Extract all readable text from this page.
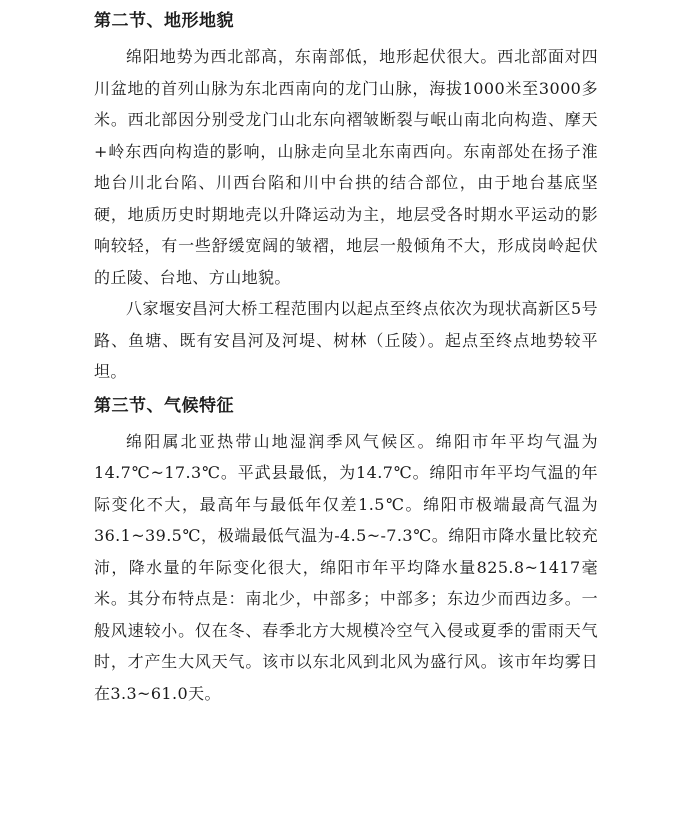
第二节、地形地貌

绵阳地势为西北部高，东南部低，地形起伏很大。西北部面对四川盆地的首列山脉为东北西南向的龙门山脉，海拔1000米至3000多米。西北部因分别受龙门山北东向褶皱断裂与岷山南北向构造、摩天+岭东西向构造的影响，山脉走向呈北东南西向。东南部处在扬子淮地台川北台陷、川西台陷和川中台拱的结合部位，由于地台基底坚硬，地质历史时期地壳以升降运动为主，地层受各时期水平运动的影响较轻，有一些舒缓宽阔的皱褶，地层一般倾角不大，形成岗岭起伏的丘陵、台地、方山地貌。

八家堰安昌河大桥工程范围内以起点至终点依次为现状高新区5号路、鱼塘、既有安昌河及河堤、树林（丘陵）。起点至终点地势较平坦。

第三节、气候特征

绵阳属北亚热带山地湿润季风气候区。绵阳市年平均气温为14.7℃~17.3℃。平武县最低，为14.7℃。绵阳市年平均气温的年际变化不大，最高年与最低年仅差1.5℃。绵阳市极端最高气温为36.1~39.5℃，极端最低气温为-4.5~-7.3℃。绵阳市降水量比较充沛，降水量的年际变化很大，绵阳市年平均降水量825.8~1417毫米。其分布特点是：南北少，中部多；中部多；东边少而西边多。一般风速较小。仅在冬、春季北方大规模冷空气入侵或夏季的雷雨天气时，才产生大风天气。该市以东北风到北风为盛行风。该市年均雾日在3.3~61.0天。
